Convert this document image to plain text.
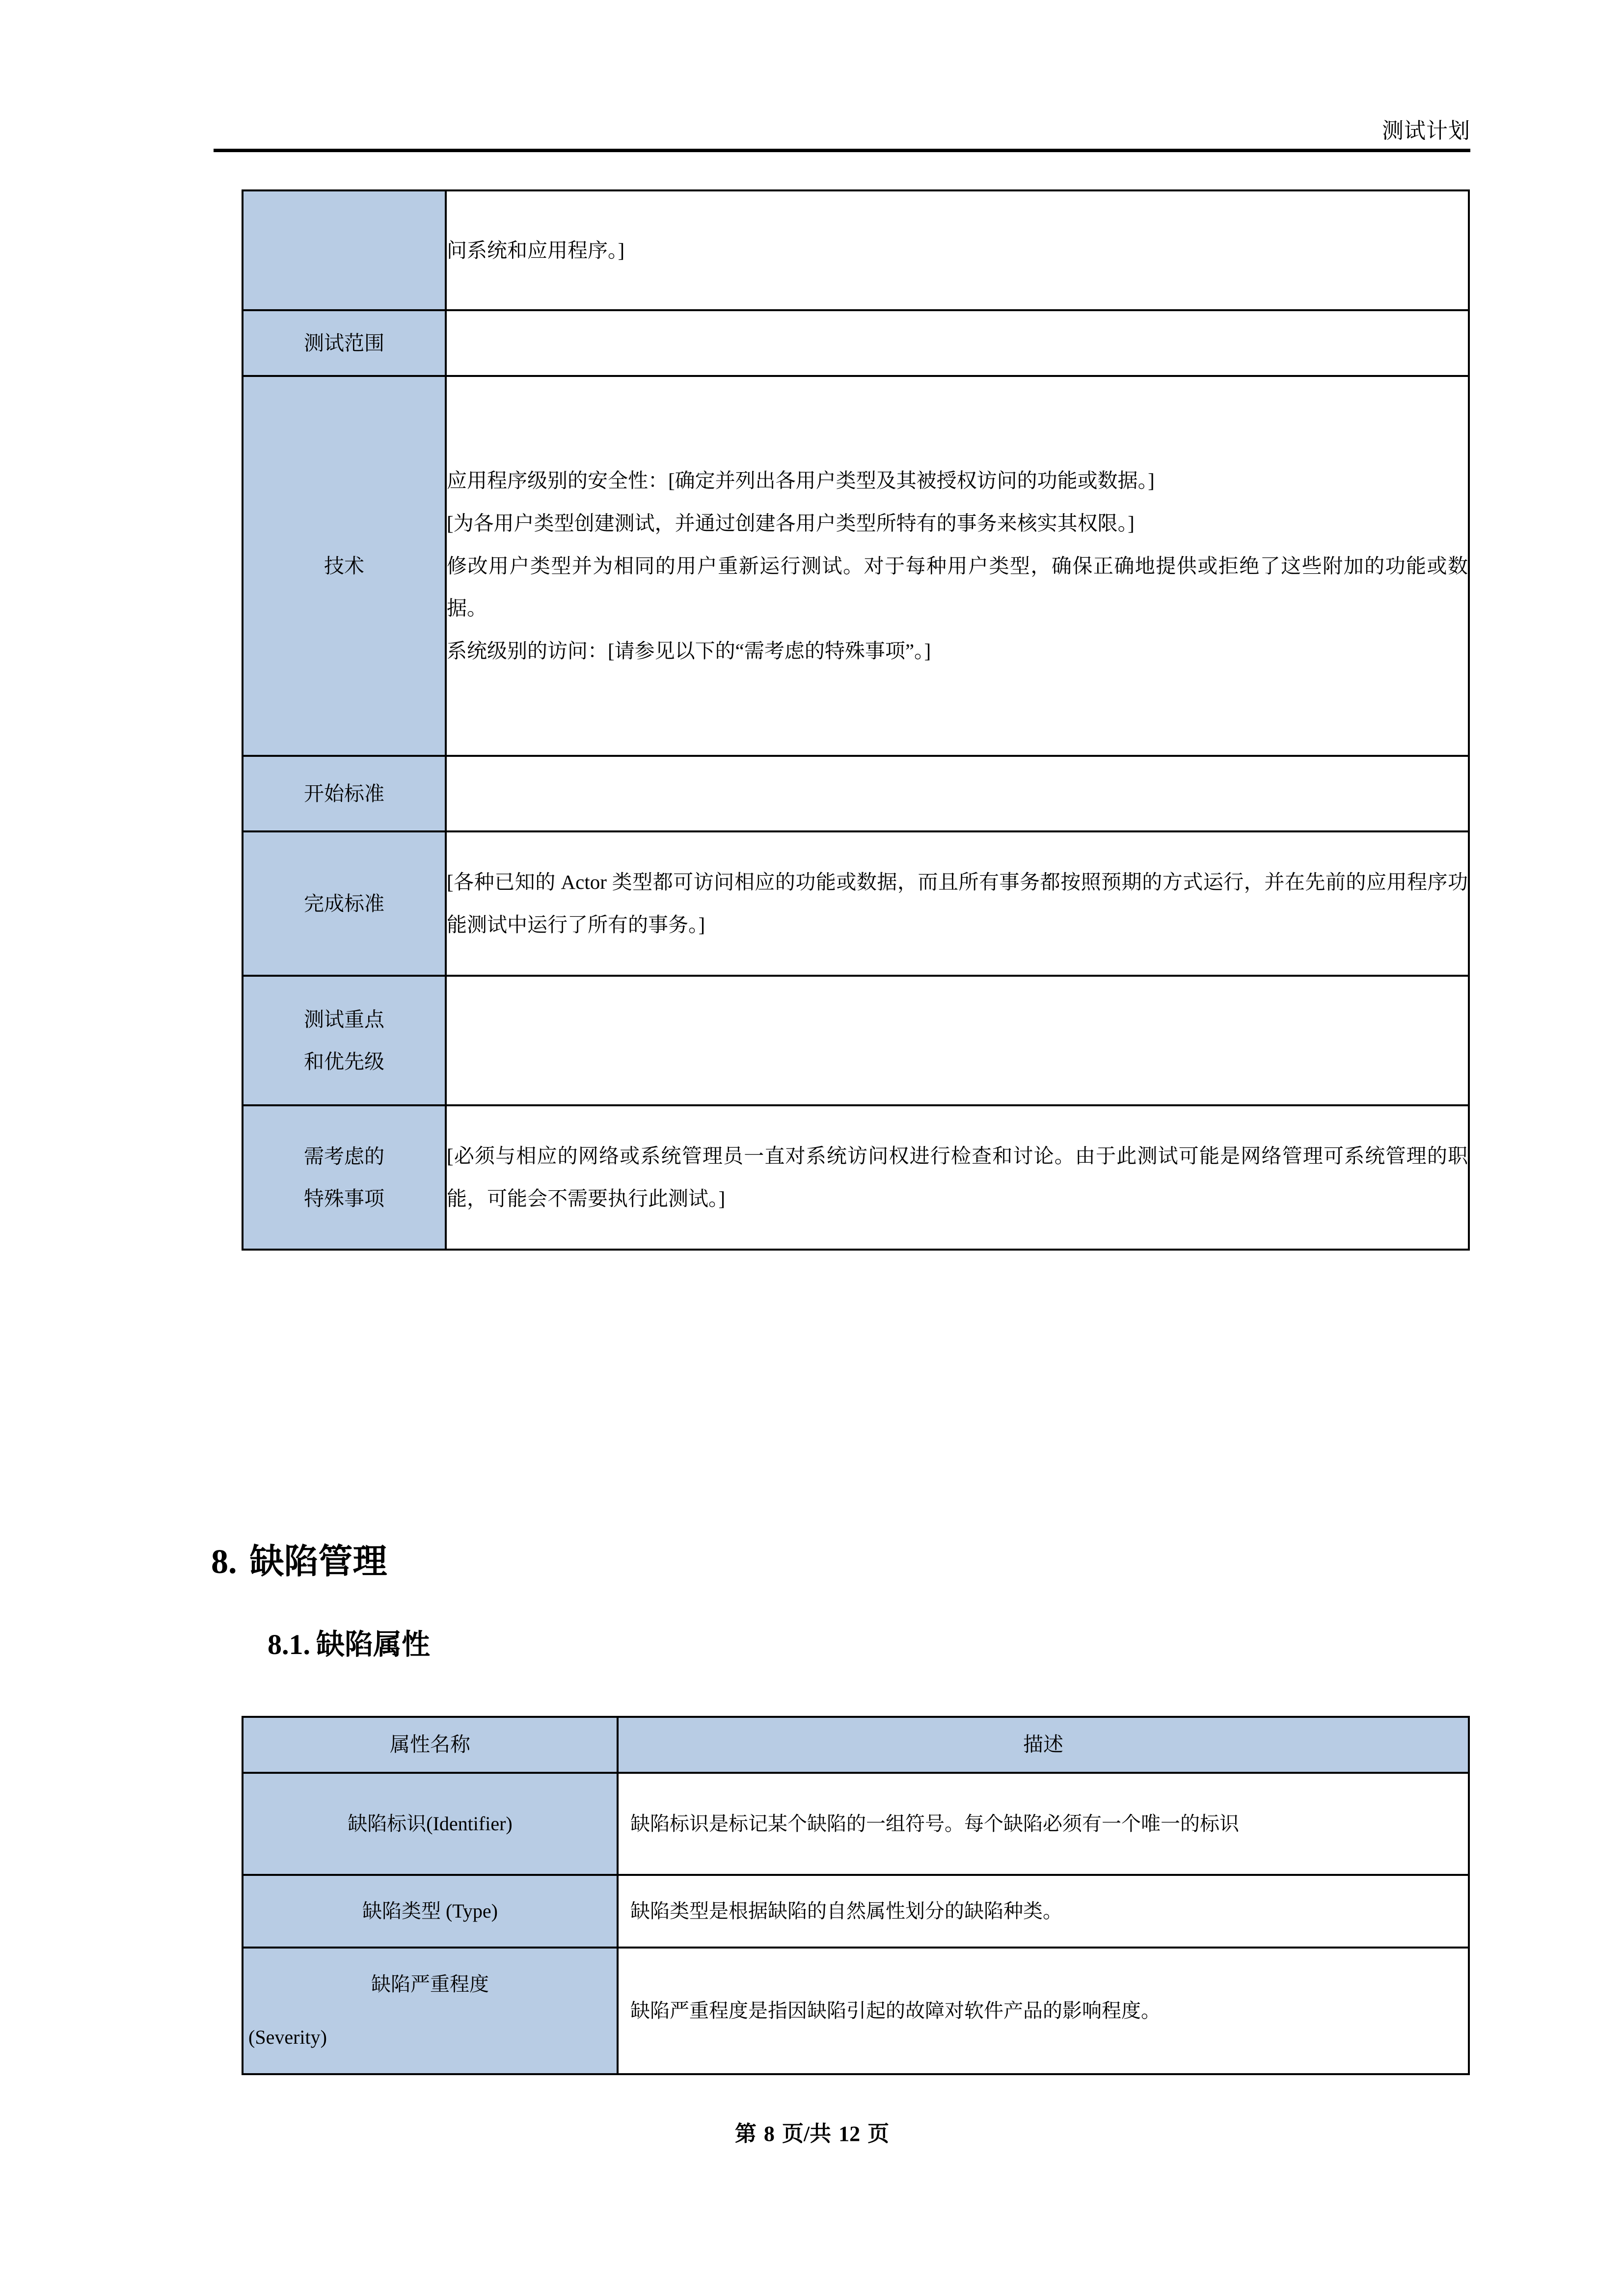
测试计划

	问系统和应用程序。]

测试范围	

技术	应用程序级别的安全性：[确定并列出各用户类型及其被授权访问的功能或数据。]

[为各用户类型创建测试，并通过创建各用户类型所特有的事务来核实其权限。]

修改用户类型并为相同的用户重新运行测试。对于每种用户类型，确保正确地提供或拒绝了这些附加的功能或数据。

系统级别的访问：[请参见以下的“需考虑的特殊事项”。]

开始标准	

完成标准	[各种已知的 Actor 类型都可访问相应的功能或数据，而且所有事务都按照预期的方式运行，并在先前的应用程序功能测试中运行了所有的事务。]

测试重点
和优先级	

需考虑的
特殊事项	[必须与相应的网络或系统管理员一直对系统访问权进行检查和讨论。由于此测试可能是网络管理可系统管理的职能，可能会不需要执行此测试。]

8. 缺陷管理
8.1. 缺陷属性
属性名称	描述

缺陷标识(Identifier)	缺陷标识是标记某个缺陷的一组符号。每个缺陷必须有一个唯一的标识

缺陷类型 (Type)	缺陷类型是根据缺陷的自然属性划分的缺陷种类。

缺陷严重程度
(Severity)	缺陷严重程度是指因缺陷引起的故障对软件产品的影响程度。

第 8 页/共 12 页
